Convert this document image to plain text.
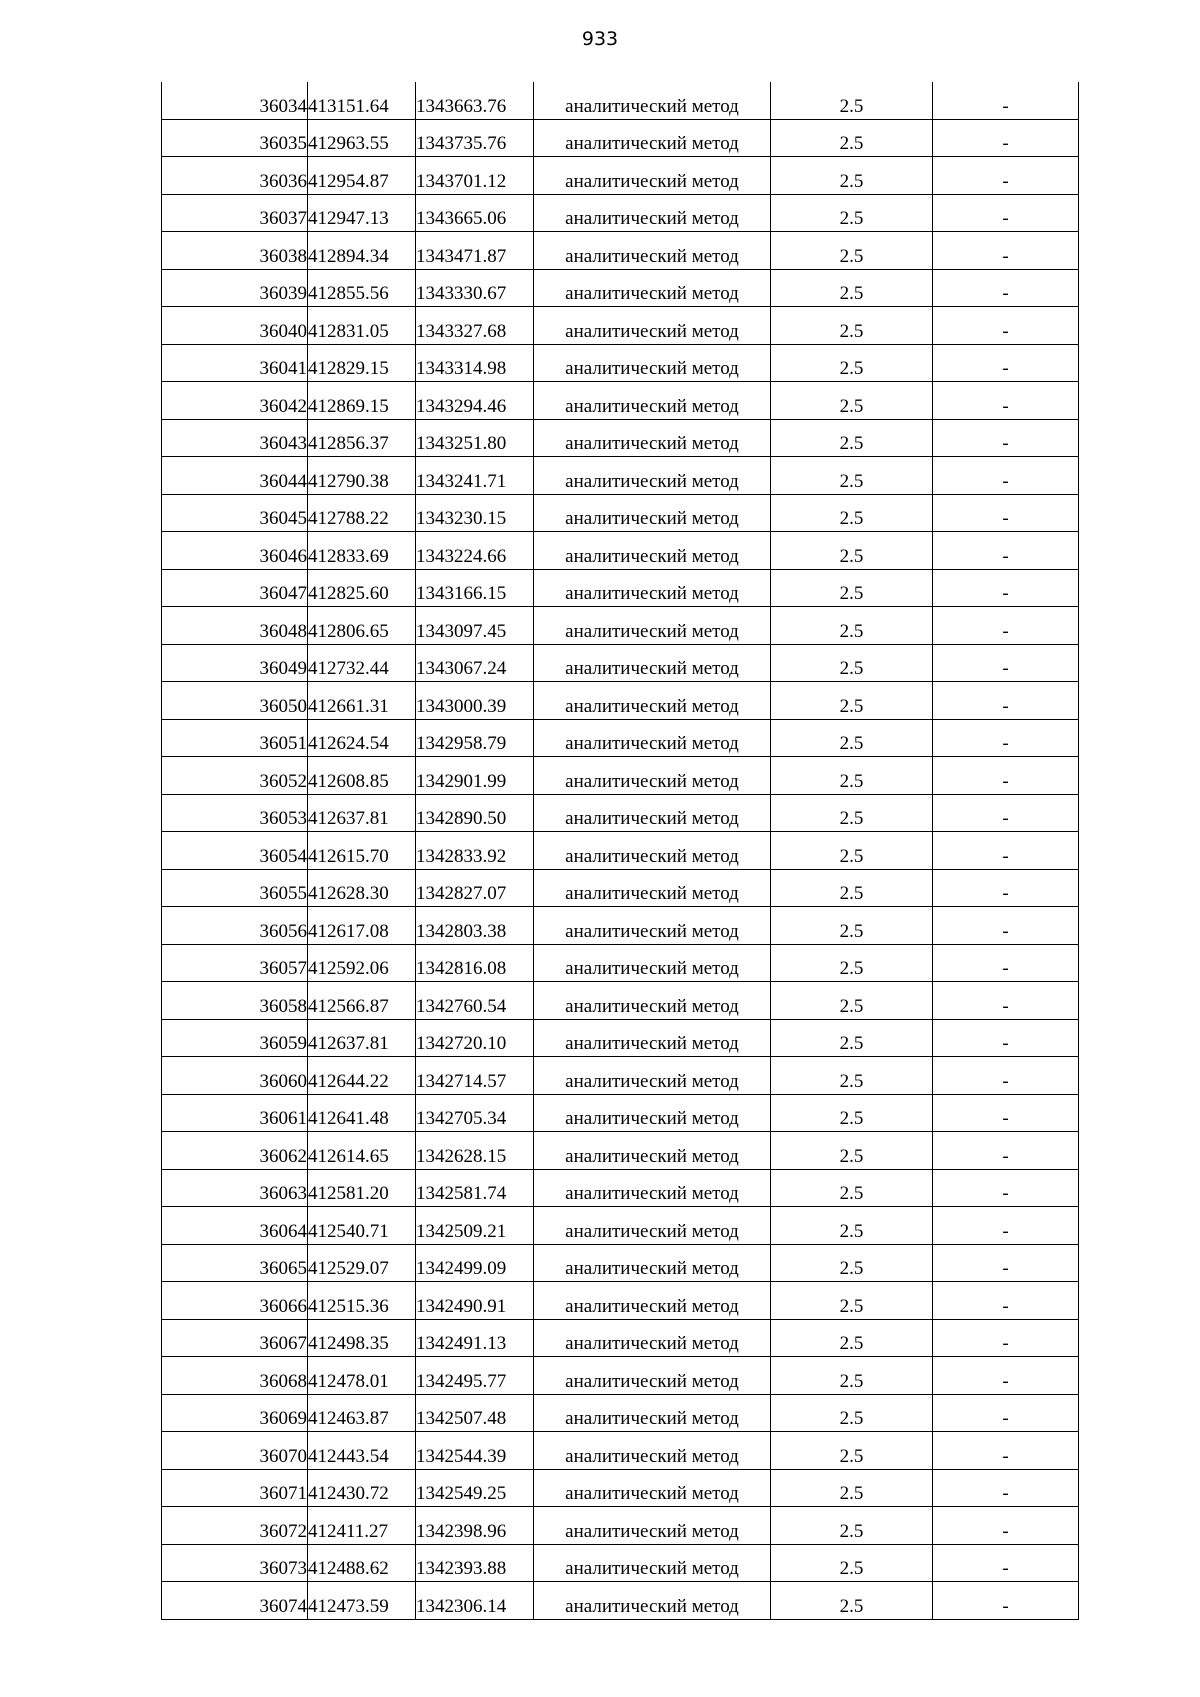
933
36034	413151.64	1343663.76	аналитический метод	2.5	-
36035	412963.55	1343735.76	аналитический метод	2.5	-
36036	412954.87	1343701.12	аналитический метод	2.5	-
36037	412947.13	1343665.06	аналитический метод	2.5	-
36038	412894.34	1343471.87	аналитический метод	2.5	-
36039	412855.56	1343330.67	аналитический метод	2.5	-
36040	412831.05	1343327.68	аналитический метод	2.5	-
36041	412829.15	1343314.98	аналитический метод	2.5	-
36042	412869.15	1343294.46	аналитический метод	2.5	-
36043	412856.37	1343251.80	аналитический метод	2.5	-
36044	412790.38	1343241.71	аналитический метод	2.5	-
36045	412788.22	1343230.15	аналитический метод	2.5	-
36046	412833.69	1343224.66	аналитический метод	2.5	-
36047	412825.60	1343166.15	аналитический метод	2.5	-
36048	412806.65	1343097.45	аналитический метод	2.5	-
36049	412732.44	1343067.24	аналитический метод	2.5	-
36050	412661.31	1343000.39	аналитический метод	2.5	-
36051	412624.54	1342958.79	аналитический метод	2.5	-
36052	412608.85	1342901.99	аналитический метод	2.5	-
36053	412637.81	1342890.50	аналитический метод	2.5	-
36054	412615.70	1342833.92	аналитический метод	2.5	-
36055	412628.30	1342827.07	аналитический метод	2.5	-
36056	412617.08	1342803.38	аналитический метод	2.5	-
36057	412592.06	1342816.08	аналитический метод	2.5	-
36058	412566.87	1342760.54	аналитический метод	2.5	-
36059	412637.81	1342720.10	аналитический метод	2.5	-
36060	412644.22	1342714.57	аналитический метод	2.5	-
36061	412641.48	1342705.34	аналитический метод	2.5	-
36062	412614.65	1342628.15	аналитический метод	2.5	-
36063	412581.20	1342581.74	аналитический метод	2.5	-
36064	412540.71	1342509.21	аналитический метод	2.5	-
36065	412529.07	1342499.09	аналитический метод	2.5	-
36066	412515.36	1342490.91	аналитический метод	2.5	-
36067	412498.35	1342491.13	аналитический метод	2.5	-
36068	412478.01	1342495.77	аналитический метод	2.5	-
36069	412463.87	1342507.48	аналитический метод	2.5	-
36070	412443.54	1342544.39	аналитический метод	2.5	-
36071	412430.72	1342549.25	аналитический метод	2.5	-
36072	412411.27	1342398.96	аналитический метод	2.5	-
36073	412488.62	1342393.88	аналитический метод	2.5	-
36074	412473.59	1342306.14	аналитический метод	2.5	-
